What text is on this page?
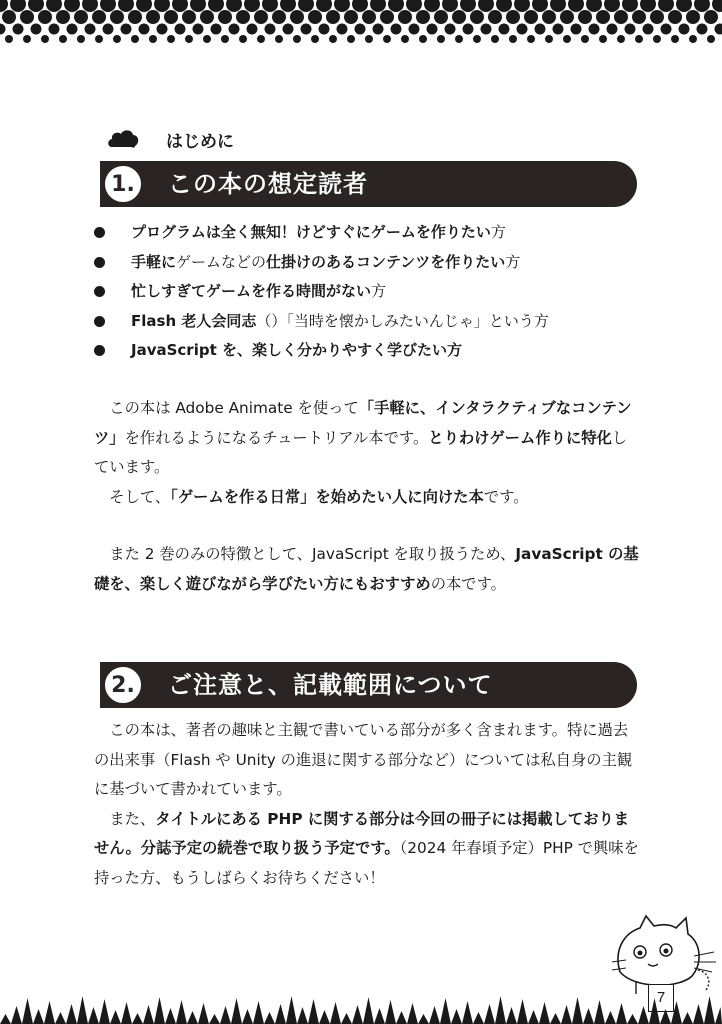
はじめに
1.	この本の想定読者
プログラムは全く無知！けどすぐにゲームを作りたい 方
手軽に ゲームなどの 仕掛けのあるコンテンツを作りたい 方
忙しすぎてゲームを作る時間がない 方
Flash 老人会同志 （）「当時を懐かしみたいんじゃ」という方
JavaScript を、楽しく分かりやすく学びたい方

この本は Adobe Animate を使って「手軽に、インタラクティブなコンテンツ」を作れるようになるチュートリアル本です。とりわけゲーム作りに特化しています。

そして、「ゲームを作る日常」を始めたい人に向けた本です。

また 2 巻のみの特徴として、JavaScript を取り扱うため、JavaScript の基礎を、楽しく遊びながら学びたい方にもおすすめの本です。

2.	ご注意と、記載範囲について

この本は、著者の趣味と主観で書いている部分が多く含まれます。特に過去の出来事（Flash や Unity の進退に関する部分など）については私自身の主観に基づいて書かれています。

また、タイトルにある PHP に関する部分は今回の冊子には掲載しておりません。分誌予定の続巻で取り扱う予定です。（2024 年春頃予定）PHP で興味を持った方、もうしばらくお待ちください！

7
